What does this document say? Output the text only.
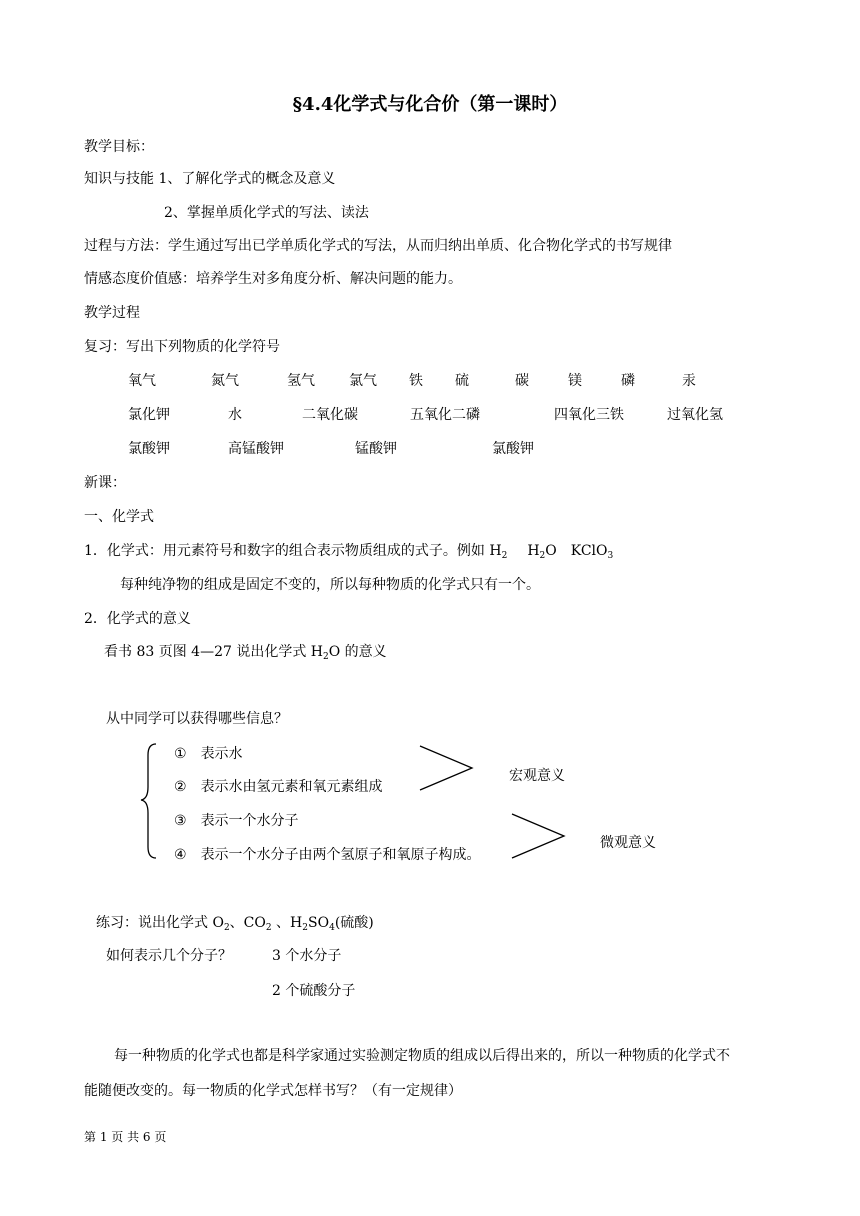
§4.4化学式与化合价（第一课时）
教学目标：
知识与技能 1、了解化学式的概念及意义
2、掌握单质化学式的写法、读法
过程与方法：学生通过写出已学单质化学式的写法，从而归纳出单质、化合物化学式的书写规律
情感态度价值感：培养学生对多角度分析、解决问题的能力。
教学过程
复习：写出下列物质的化学符号
氧气	氮气	氢气 氯气 铁 硫	碳	镁	磷	汞
氯化钾	水	二氧化碳	五氧化二磷	四氧化三铁	过氧化氢
氯酸钾	高锰酸钾	锰酸钾	氯酸钾
新课：
一、化学式
1．化学式：用元素符号和数字的组合表示物质组成的式子。例如 $H_2$ $H_2O$ KClO$_3$
每种纯净物的组成是固定不变的，所以每种物质的化学式只有一个。
2．化学式的意义
看书 83 页图 4—27 说出化学式 $H_2O$ 的意义
从中同学可以获得哪些信息？
① 表示水
② 表示水由氢元素和氧元素组成
③ 表示一个水分子
④ 表示一个水分子由两个氢原子和氧原子构成。
宏观意义
微观意义
练习：说出化学式 $O_2$、$CO_2$ 、$H_2SO_4$(硫酸)
如何表示几个分子？	3 个水分子
2 个硫酸分子
每一种物质的化学式也都是科学家通过实验测定物质的组成以后得出来的，所以一种物质的化学式不
能随便改变的。每一物质的化学式怎样书写？（有一定规律）
第 1 页 共 6 页
